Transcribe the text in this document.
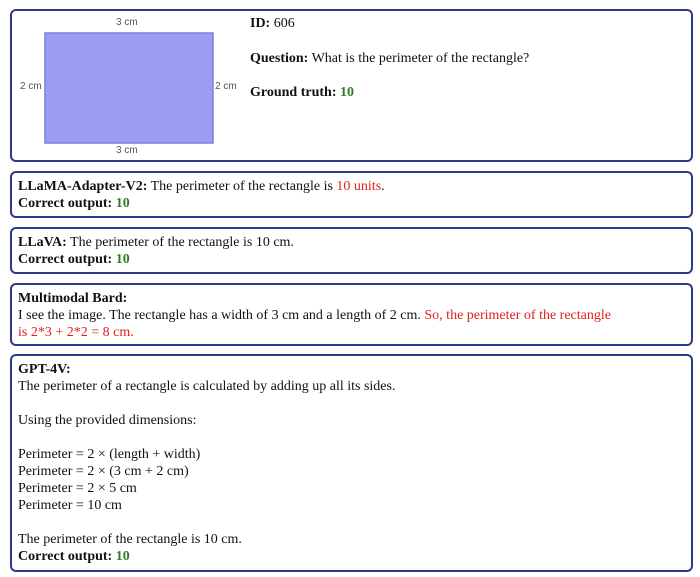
3 cm
3 cm
2 cm	2 cm
ID: 606
Question: What is the perimeter of the rectangle?
Ground truth: 10
LLaMA-Adapter-V2: The perimeter of the rectangle is 10 units.
Correct output: 10
LLaVA: The perimeter of the rectangle is 10 cm.
Correct output: 10
Multimodal Bard:
I see the image. The rectangle has a width of 3 cm and a length of 2 cm. So, the perimeter of the rectangle
is 2*3 + 2*2 = 8 cm.
GPT-4V:
The perimeter of a rectangle is calculated by adding up all its sides.
Using the provided dimensions:
Perimeter = 2 × (length + width)
Perimeter = 2 × (3 cm + 2 cm)
Perimeter = 2 × 5 cm
Perimeter = 10 cm
The perimeter of the rectangle is 10 cm.
Correct output: 10
